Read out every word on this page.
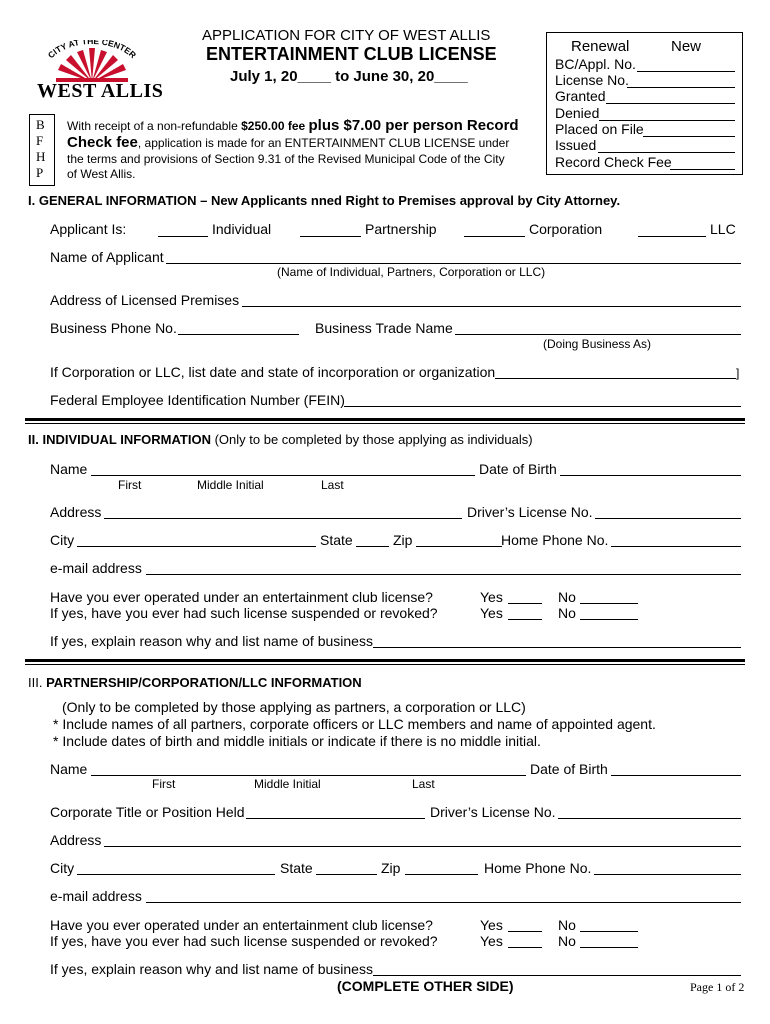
CITY AT THE CENTER
WEST ALLIS
APPLICATION FOR CITY OF WEST ALLIS
ENTERTAINMENT CLUB LICENSE
July 1, 20____ to June 30, 20____
Renewal	New
BC/Appl. No.
License No.
Granted
Denied
Placed on File
Issued
Record Check Fee
B
F
H
P
With receipt of a non-refundable $250.00 fee plus $7.00 per person Record
Check fee, application is made for an ENTERTAINMENT CLUB LICENSE under
the terms and provisions of Section 9.31 of the Revised Municipal Code of the City
of West Allis.
I. GENERAL INFORMATION – New Applicants nned Right to Premises approval by City Attorney.
Applicant Is:	Individual	Partnership	Corporation	LLC
Name of Applicant
(Name of Individual, Partners, Corporation or LLC)
Address of Licensed Premises
Business Phone No.	Business Trade Name
(Doing Business As)
If Corporation or LLC, list date and state of incorporation or organization	]
Federal Employee Identification Number (FEIN)
II. INDIVIDUAL INFORMATION (Only to be completed by those applying as individuals)
Name	Date of Birth
First	Middle Initial	Last
Address	Driver’s License No.
City	State	Zip	Home Phone No.
e-mail address
Have you ever operated under an entertainment club license?	Yes	No
If yes, have you ever had such license suspended or revoked?	Yes	No
If yes, explain reason why and list name of business
III. PARTNERSHIP/CORPORATION/LLC INFORMATION
(Only to be completed by those applying as partners, a corporation or LLC)
* Include names of all partners, corporate officers or LLC members and name of appointed agent.
* Include dates of birth and middle initials or indicate if there is no middle initial.
Name	Date of Birth
First	Middle Initial	Last
Corporate Title or Position Held	Driver’s License No.
Address
City	State	Zip	Home Phone No.
e-mail address
Have you ever operated under an entertainment club license?	Yes	No
If yes, have you ever had such license suspended or revoked?	Yes	No
If yes, explain reason why and list name of business
(COMPLETE OTHER SIDE)	Page 1 of 2
